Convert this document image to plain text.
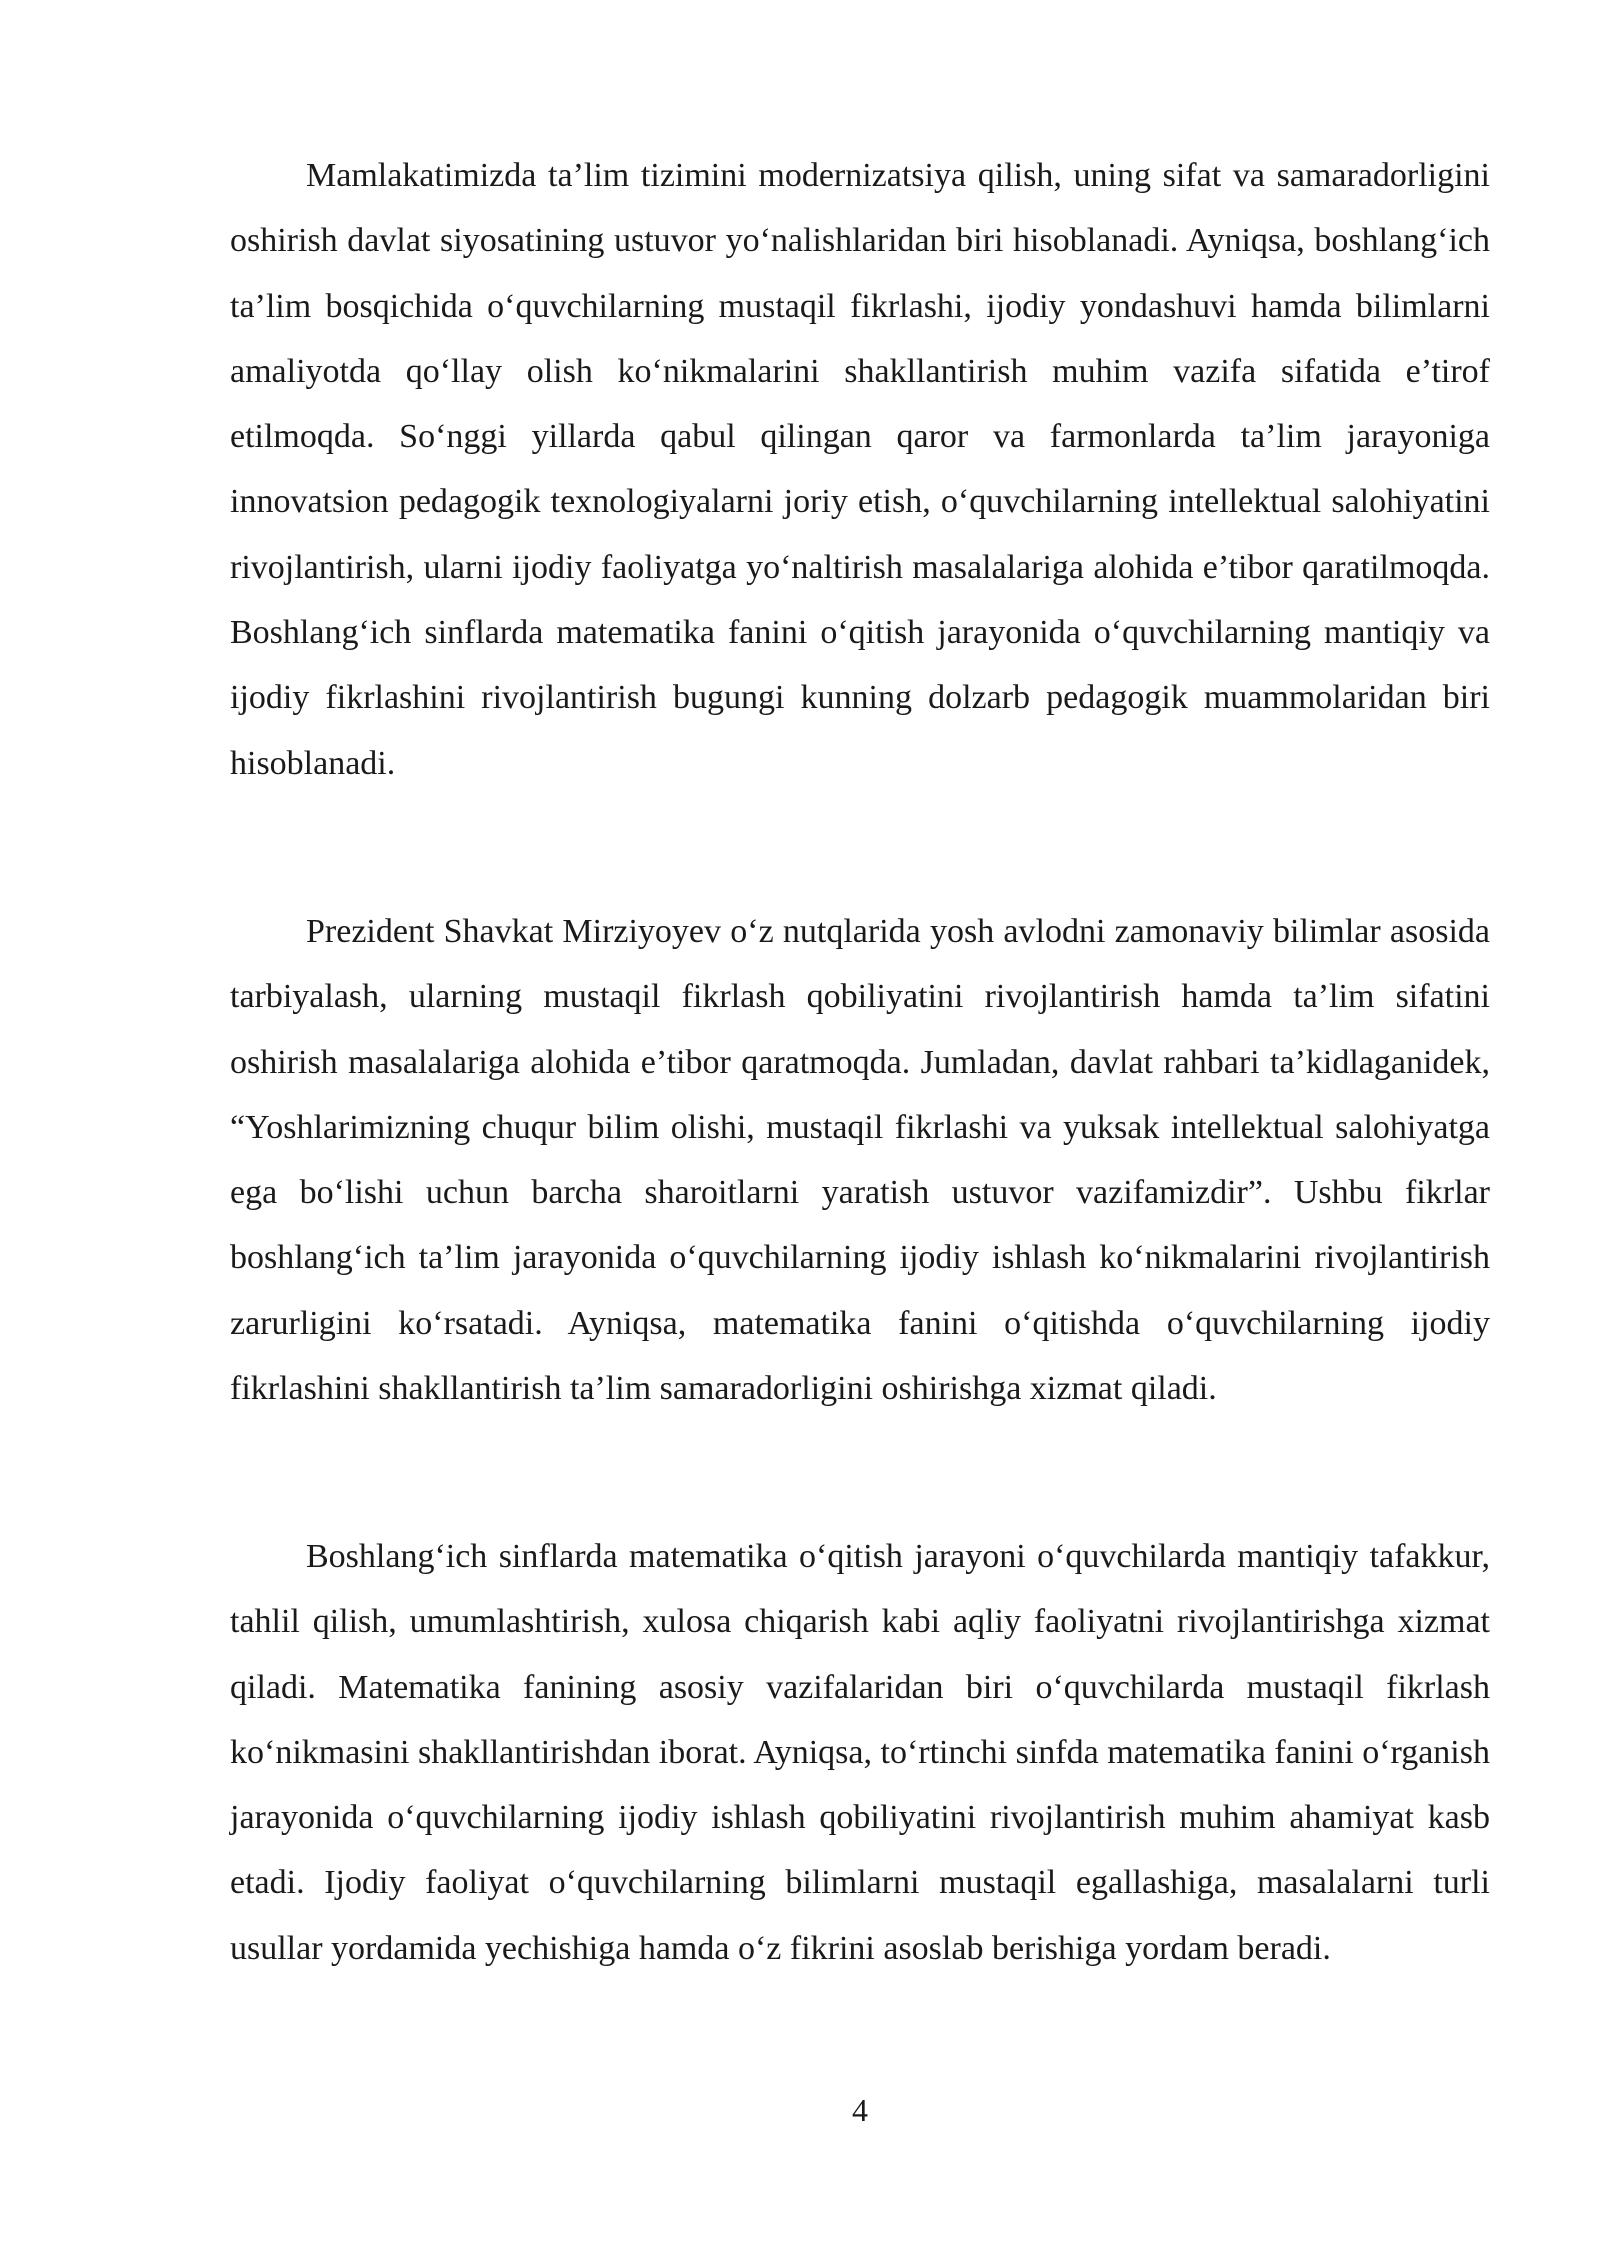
Mamlakatimizda ta’lim tizimini modernizatsiya qilish, uning sifat va samaradorligini oshirish davlat siyosatining ustuvor yo‘nalishlaridan biri hisoblanadi. Ayniqsa, boshlang‘ich ta’lim bosqichida o‘quvchilarning mustaqil fikrlashi, ijodiy yondashuvi hamda bilimlarni amaliyotda qo‘llay olish ko‘nikmalarini shakllantirish muhim vazifa sifatida e’tirof etilmoqda. So‘nggi yillarda qabul qilingan qaror va farmonlarda ta’lim jarayoniga innovatsion pedagogik texnologiyalarni joriy etish, o‘quvchilarning intellektual salohiyatini rivojlantirish, ularni ijodiy faoliyatga yo‘naltirish masalalariga alohida e’tibor qaratilmoqda. Boshlang‘ich sinflarda matematika fanini o‘qitish jarayonida o‘quvchilarning mantiqiy va ijodiy fikrlashini rivojlantirish bugungi kunning dolzarb pedagogik muammolaridan biri hisoblanadi.

Prezident Shavkat Mirziyoyev o‘z nutqlarida yosh avlodni zamonaviy bilimlar asosida tarbiyalash, ularning mustaqil fikrlash qobiliyatini rivojlantirish hamda ta’lim sifatini oshirish masalalariga alohida e’tibor qaratmoqda. Jumladan, davlat rahbari ta’kidlaganidek, “Yoshlarimizning chuqur bilim olishi, mustaqil fikrlashi va yuksak intellektual salohiyatga ega bo‘lishi uchun barcha sharoitlarni yaratish ustuvor vazifamizdir”. Ushbu fikrlar boshlang‘ich ta’lim jarayonida o‘quvchilarning ijodiy ishlash ko‘nikmalarini rivojlantirish zarurligini ko‘rsatadi. Ayniqsa, matematika fanini o‘qitishda o‘quvchilarning ijodiy fikrlashini shakllantirish ta’lim samaradorligini oshirishga xizmat qiladi.

Boshlang‘ich sinflarda matematika o‘qitish jarayoni o‘quvchilarda mantiqiy tafakkur, tahlil qilish, umumlashtirish, xulosa chiqarish kabi aqliy faoliyatni rivojlantirishga xizmat qiladi. Matematika fanining asosiy vazifalaridan biri o‘quvchilarda mustaqil fikrlash ko‘nikmasini shakllantirishdan iborat. Ayniqsa, to‘rtinchi sinfda matematika fanini o‘rganish jarayonida o‘quvchilarning ijodiy ishlash qobiliyatini rivojlantirish muhim ahamiyat kasb etadi. Ijodiy faoliyat o‘quvchilarning bilimlarni mustaqil egallashiga, masalalarni turli usullar yordamida yechishiga hamda o‘z fikrini asoslab berishiga yordam beradi.

4
